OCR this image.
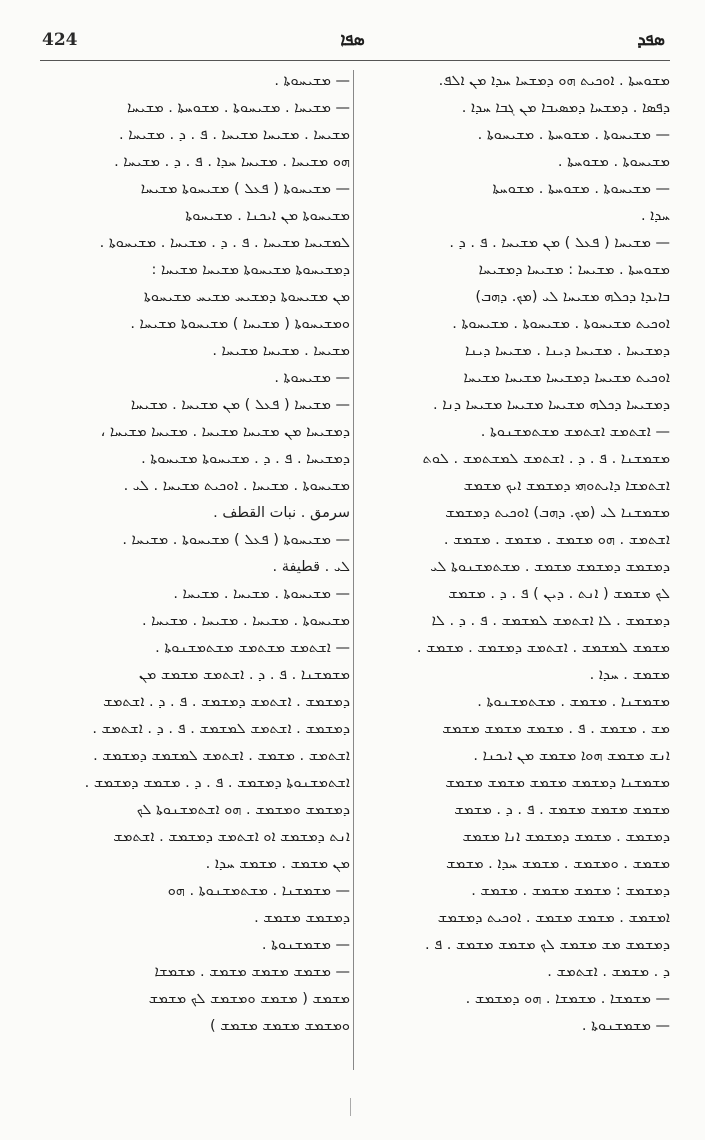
424	ܣܦܐ	ܣܦܕ
ܡܫܘܚܬܐ . ܐܘܟܝܬ ܗܘ ܕܡܫܚܐ ܚܕܐ ܡܢ ܐܠܦ.
ܕܦܣܐ . ܕܡܫܚܐ ܕܡܣܝܒܐ ܡܢ ܓܒܐ ܚܕܐ .
— ܡܫܝܚܘܬܐ . ܡܫܘܚܬܐ . ܡܫܝܚܘܬܐ .
ܡܫܝܚܘܬܐ . ܡܫܘܚܬܐ .
— ܡܫܝܚܘܬܐ . ܡܫܘܚܬܐ . ܡܫܘܚܬܐ
ܚܕܐ .
— ܡܫܝܚܐ ( ܦܥܠ ) ܡܢ ܡܫܝܚܐ . ܦ . ܕ .
ܡܫܘܚܬܐ . ܡܫܝܚܐ : ܡܫܝܚܐ ܕܡܫܝܚܐ
ܒܐܝܕܐ ܕܟܠܗ ܡܫܝܚܐ ܠܝ (ܡܟ. ܕܗܒ)
ܐܘܟܝܬ ܡܫܝܚܘܬܐ . ܡܫܝܚܘܬܐ . ܡܫܝܚܘܬܐ .
ܕܡܫܝܚܐ . ܡܫܝܚܐ ܕܝܢܐ . ܡܫܝܚܐ ܕܝܢܐ
ܐܘܟܝܬ ܡܫܝܚܐ ܕܡܫܝܚܐ ܡܫܝܚܐ ܡܫܝܚܐ
ܕܡܫܝܚܐ ܕܟܠܗ ܡܫܝܚܐ ܡܫܝܚܐ ܡܫܝܚܐ ܕܢܐ .
— ܐܫܬܡܫ ܐܫܬܡܫ ܡܫܬܡܫܢܘܬܐ .
ܡܫܡܫܢܐ . ܦ . ܕ . ܐܫܬܡܫ ܠܡܫܬܡܫ . ܠܘܬ
ܐܫܬܡܫܐ ܕܐܝܬܘܗܝ ܕܡܫܡܫ ܐܝܟ ܡܫܡܫ
ܡܫܡܫܢܐ ܠܝ (ܡܟ. ܕܗܒ) ܐܘܟܝܬ ܕܡܫܡܫ
ܐܫܬܡܫ . ܗܘ ܡܫܡܫ . ܡܫܡܫ . ܡܫܡܫ .
ܕܡܫܡܫ ܕܡܫܡܫ ܡܫܡܫ . ܡܫܬܡܫܢܘܬܐ ܠܝ
ܠܟ ܡܫܡܫ ( ܐܢܬ . ܕܝܢ ) ܦ . ܕ . ܡܫܡܫ
ܕܡܫܡܫ . ܠܐ ܐܫܬܡܫ ܠܡܫܡܫ . ܦ . ܕ . ܠܐ
ܡܫܡܫ ܠܡܫܡܫ . ܐܫܬܡܫ ܕܡܫܡܫ . ܡܫܡܫ .
ܡܫܡܫ . ܚܕܐ .
ܡܫܡܫܢܐ . ܡܫܡܫ . ܡܫܬܡܫܢܘܬܐ .
ܡܫ . ܡܫܡܫ . ܦ . ܡܫܡܫ ܡܫܡܫ ܡܫܡܫ
ܐܢܫ ܡܫܡܫ ܗܘܐ ܡܫܡܫ ܡܢ ܐܝܟܢܐ .
ܡܫܡܫܢܐ ܕܡܫܡܫ ܡܫܡܫ ܡܫܡܫ ܡܫܡܫ
ܡܫܡܫ ܡܫܡܫ ܡܫܡܫ . ܦ . ܕ . ܡܫܡܫ
ܕܡܫܡܫ . ܡܫܡܫ ܕܡܫܡܫ ܐܢܐ ܡܫܡܫ
ܡܫܡܫ . ܘܡܫܡܫ . ܡܫܡܫ ܚܕܐ . ܡܫܡܫ
ܕܡܫܡܫ : ܡܫܡܫ ܡܫܡܫ . ܡܫܡܫ .
ܐܡܫܡܫ . ܡܫܡܫ ܡܫܡܫ . ܐܘܟܝܬ ܕܡܫܡܫ
ܕܡܫܡܫ ܡܫ ܡܫܡܫ ܠܟ ܡܫܡܫ ܡܫܡܫ . ܦ .
ܕ . ܡܫܡܫ . ܐܫܬܡܫ .
— ܡܫܡܫܐ . ܡܫܡܫܐ . ܗܘ ܕܡܫܡܫ .
— ܡܫܡܫܢܘܬܐ .
— ܡܫܝܚܘܬܐ .
— ܡܫܝܚܐ . ܡܫܝܚܘܬܐ . ܡܫܘܚܬܐ . ܡܫܝܚܐ
ܡܫܝܚܐ . ܡܫܝܚܐ ܡܫܝܚܐ . ܦ . ܕ . ܡܫܝܚܐ .
ܗܘ ܡܫܝܚܐ . ܡܫܝܚܐ ܚܕܐ . ܦ . ܕ . ܡܫܝܚܐ .
— ܡܫܝܚܘܬܐ ( ܦܥܠ ) ܡܫܝܚܘܬܐ ܡܫܝܚܐ
ܡܫܝܚܘܬܐ ܡܢ ܐܝܟܢܐ . ܡܫܝܚܘܬܐ
ܠܡܫܝܚܐ ܡܫܝܚܐ . ܦ . ܕ . ܡܫܝܚܐ . ܡܫܝܚܘܬܐ .
ܕܡܫܝܚܘܬܐ ܡܫܝܚܘܬܐ ܡܫܝܚܐ ܡܫܝܚܐ :
ܡܢ ܡܫܝܚܘܬܐ ܕܡܫܝܚ ܡܫܝܚ ܡܫܝܚܘܬܐ
ܘܡܫܝܚܘܬܐ ( ܡܫܝܚܐ ) ܡܫܝܚܘܬܐ ܡܫܝܚܐ .
ܡܫܝܚܐ . ܡܫܝܚܐ ܡܫܝܚܐ .
— ܡܫܝܚܘܬܐ .
— ܡܫܝܚܐ ( ܦܥܠ ) ܡܢ ܡܫܝܚܐ . ܡܫܝܚܐ
ܕܡܫܝܚܐ ܡܢ ܡܫܝܚܐ ܡܫܝܚܐ . ܡܫܝܚܐ ܡܫܝܚܐ ،
ܕܡܫܝܚܐ . ܦ . ܕ . ܡܫܝܚܘܬܐ ܡܫܝܚܘܬܐ .
ܡܫܝܚܘܬܐ . ܡܫܝܚܐ . ܐܘܟܝܬ ܡܫܝܚܐ . ܠܝ .
سرمق . نبات القطف .
— ܡܫܝܚܘܬܐ ( ܦܥܠ ) ܡܫܝܚܘܬܐ . ܡܫܝܚܐ .
ܠܝ . قطيفة .
— ܡܫܝܚܘܬܐ . ܡܫܝܚܐ . ܡܫܝܚܐ .
ܡܫܝܚܘܬܐ . ܡܫܝܚܐ . ܡܫܝܚܐ . ܡܫܝܚܐ .
— ܐܫܬܡܫ ܡܫܬܡܫ ܡܫܬܡܫܢܘܬܐ .
ܡܫܡܫܢܐ . ܦ . ܕ . ܐܫܬܡܫ ܡܫܡܫ ܡܢ
ܕܡܫܡܫ . ܐܫܬܡܫ ܕܡܫܡܫ . ܦ . ܕ . ܐܫܬܡܫ
ܕܡܫܡܫ . ܐܫܬܡܫ ܠܡܫܡܫ . ܦ . ܕ . ܐܫܬܡܫ .
ܐܫܬܡܫ . ܡܫܡܫ . ܐܫܬܡܫ ܠܡܫܡܫ ܕܡܫܡܫ .
ܐܫܬܡܫܢܘܬܐ ܕܡܫܡܫ . ܦ . ܕ . ܡܫܡܫ ܕܡܫܡܫ .
ܕܡܫܡܫ ܘܡܫܡܫ . ܗܘ ܐܫܬܡܫܢܘܬܐ ܠܟ
ܐܢܬ ܕܡܫܡܫ ܐܘ ܐܫܬܡܫ ܕܡܫܡܫ . ܐܫܬܡܫ
ܡܢ ܡܫܡܫ . ܡܫܡܫ ܚܕܐ .
— ܡܫܡܫܢܐ . ܡܫܬܡܫܢܘܬܐ . ܗܘ
ܕܡܫܡܫ ܡܫܡܫ .
— ܡܫܡܫܢܘܬܐ .
— ܡܫܡܫ ܡܫܡܫ ܡܫܡܫ . ܡܫܡܫܐ
ܡܫܡܫ ( ܡܫܡܫ ܘܡܫܡܫ ܠܟ ܡܫܡܫ
ܘܡܫܡܫ ܡܫܡܫ ܡܫܡܫ )
